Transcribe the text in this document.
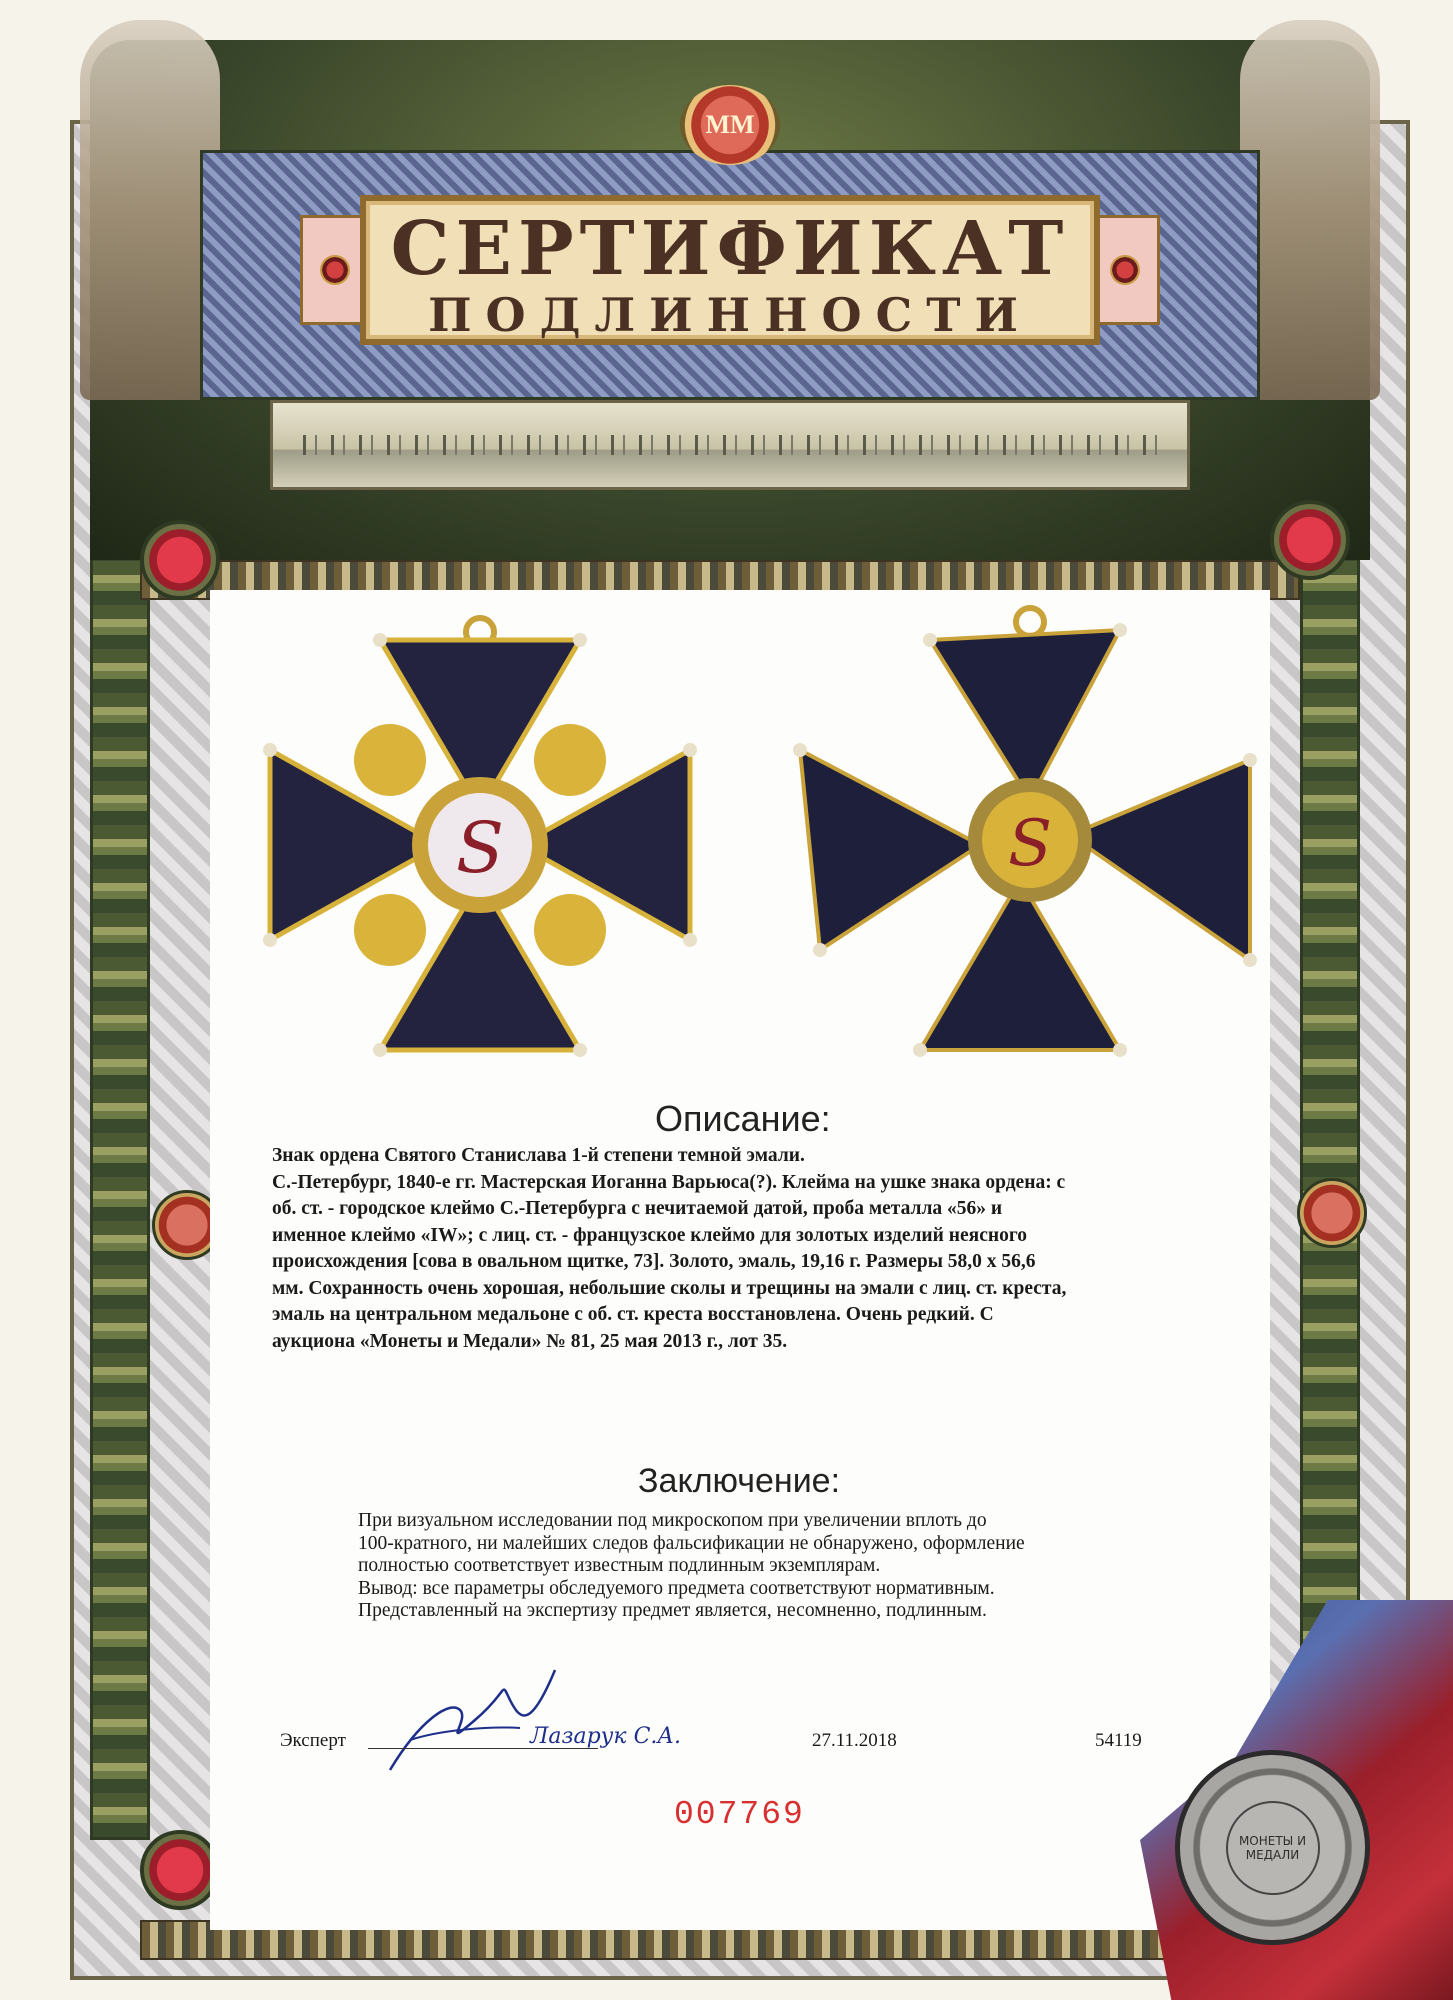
ММ
СЕРТИФИКАТ
ПОДЛИННОСТИ
S	S
Описание:

Знак ордена Святого Станислава 1-й степени темной эмали.

С.-Петербург, 1840-е гг. Мастерская Иоганна Варьюса(?). Клейма на ушке знака ордена: с

об. ст. - городское клеймо С.-Петербурга с нечитаемой датой, проба металла «56» и

именное клеймо «IW»; с лиц. ст. - французское клеймо для золотых изделий неясного

происхождения [сова в овальном щитке, 73]. Золото, эмаль, 19,16 г. Размеры 58,0 х 56,6

мм. Сохранность очень хорошая, небольшие сколы и трещины на эмали с лиц. ст. креста,

эмаль на центральном медальоне с об. ст. креста восстановлена. Очень редкий. С

аукциона «Монеты и Медали» № 81, 25 мая 2013 г., лот 35.

Заключение:

При визуальном исследовании под микроскопом при увеличении вплоть до

100-кратного, ни малейших следов фальсификации не обнаружено, оформление

полностью соответствует известным подлинным экземплярам.

Вывод: все параметры обследуемого предмета соответствуют нормативным.

Представленный на экспертизу предмет является, несомненно, подлинным.

Эксперт	Лазарук С.А.	27.11.2018	54119
007769
МОНЕТЫ И МЕДАЛИ
